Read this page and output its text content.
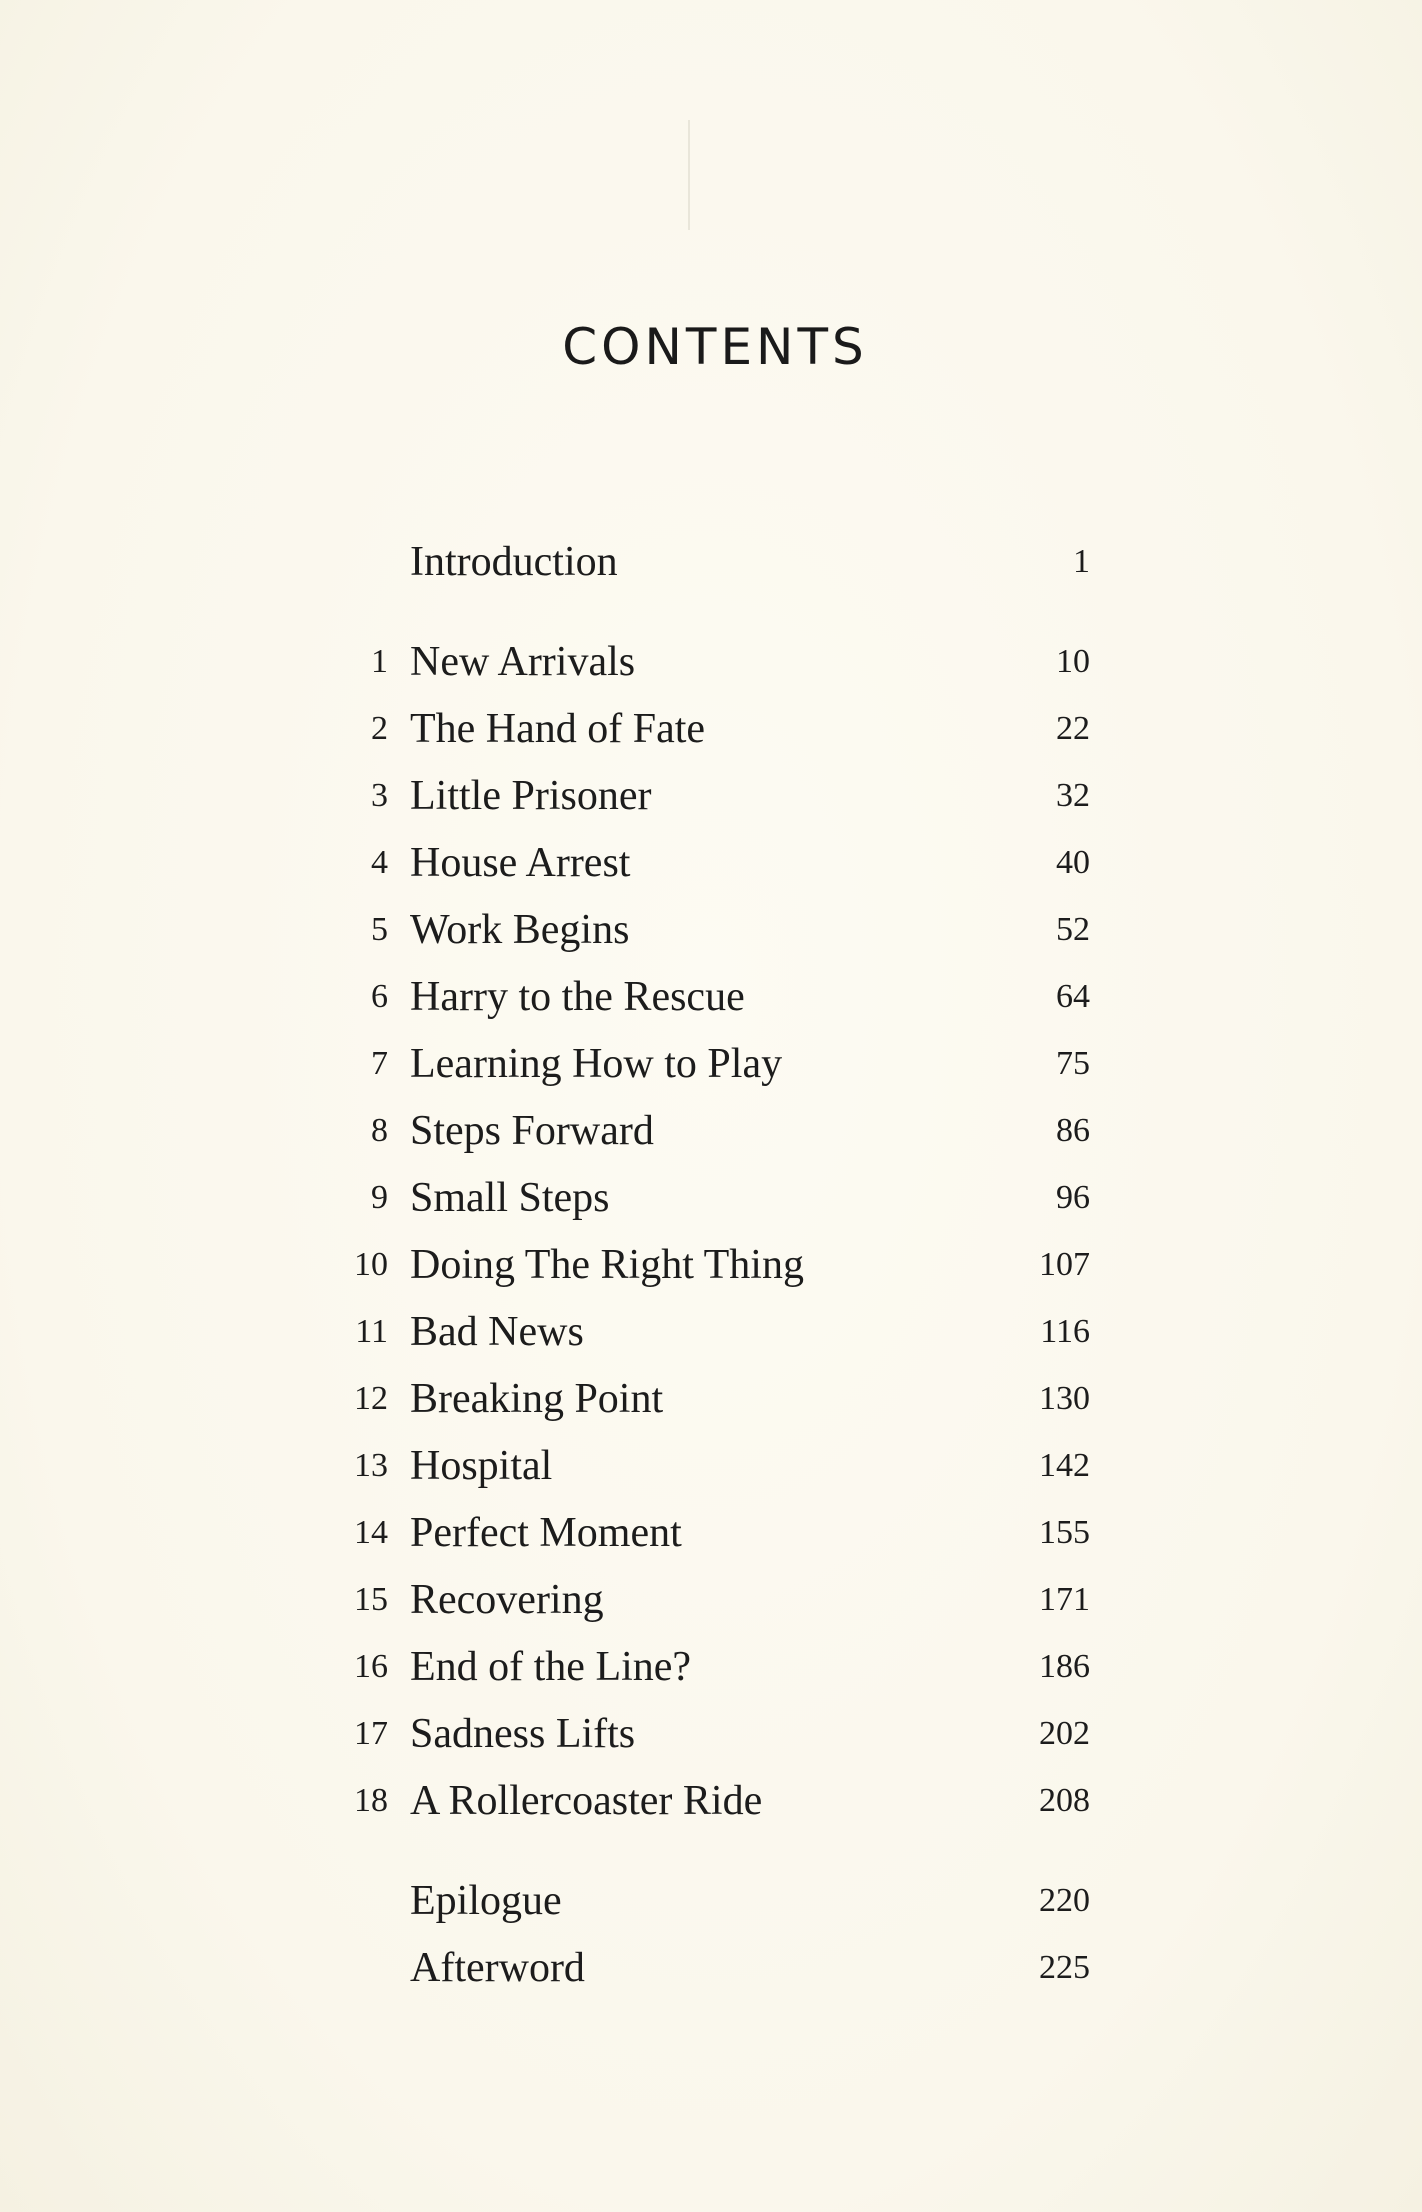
CONTENTS
Introduction	1
1 New Arrivals	10
2 The Hand of Fate	22
3 Little Prisoner	32
4 House Arrest	40
5 Work Begins	52
6 Harry to the Rescue	64
7 Learning How to Play	75
8 Steps Forward	86
9 Small Steps	96
10 Doing The Right Thing	107
11 Bad News	116
12 Breaking Point	130
13 Hospital	142
14 Perfect Moment	155
15 Recovering	171
16 End of the Line?	186
17 Sadness Lifts	202
18 A Rollercoaster Ride	208
Epilogue	220
Afterword	225
